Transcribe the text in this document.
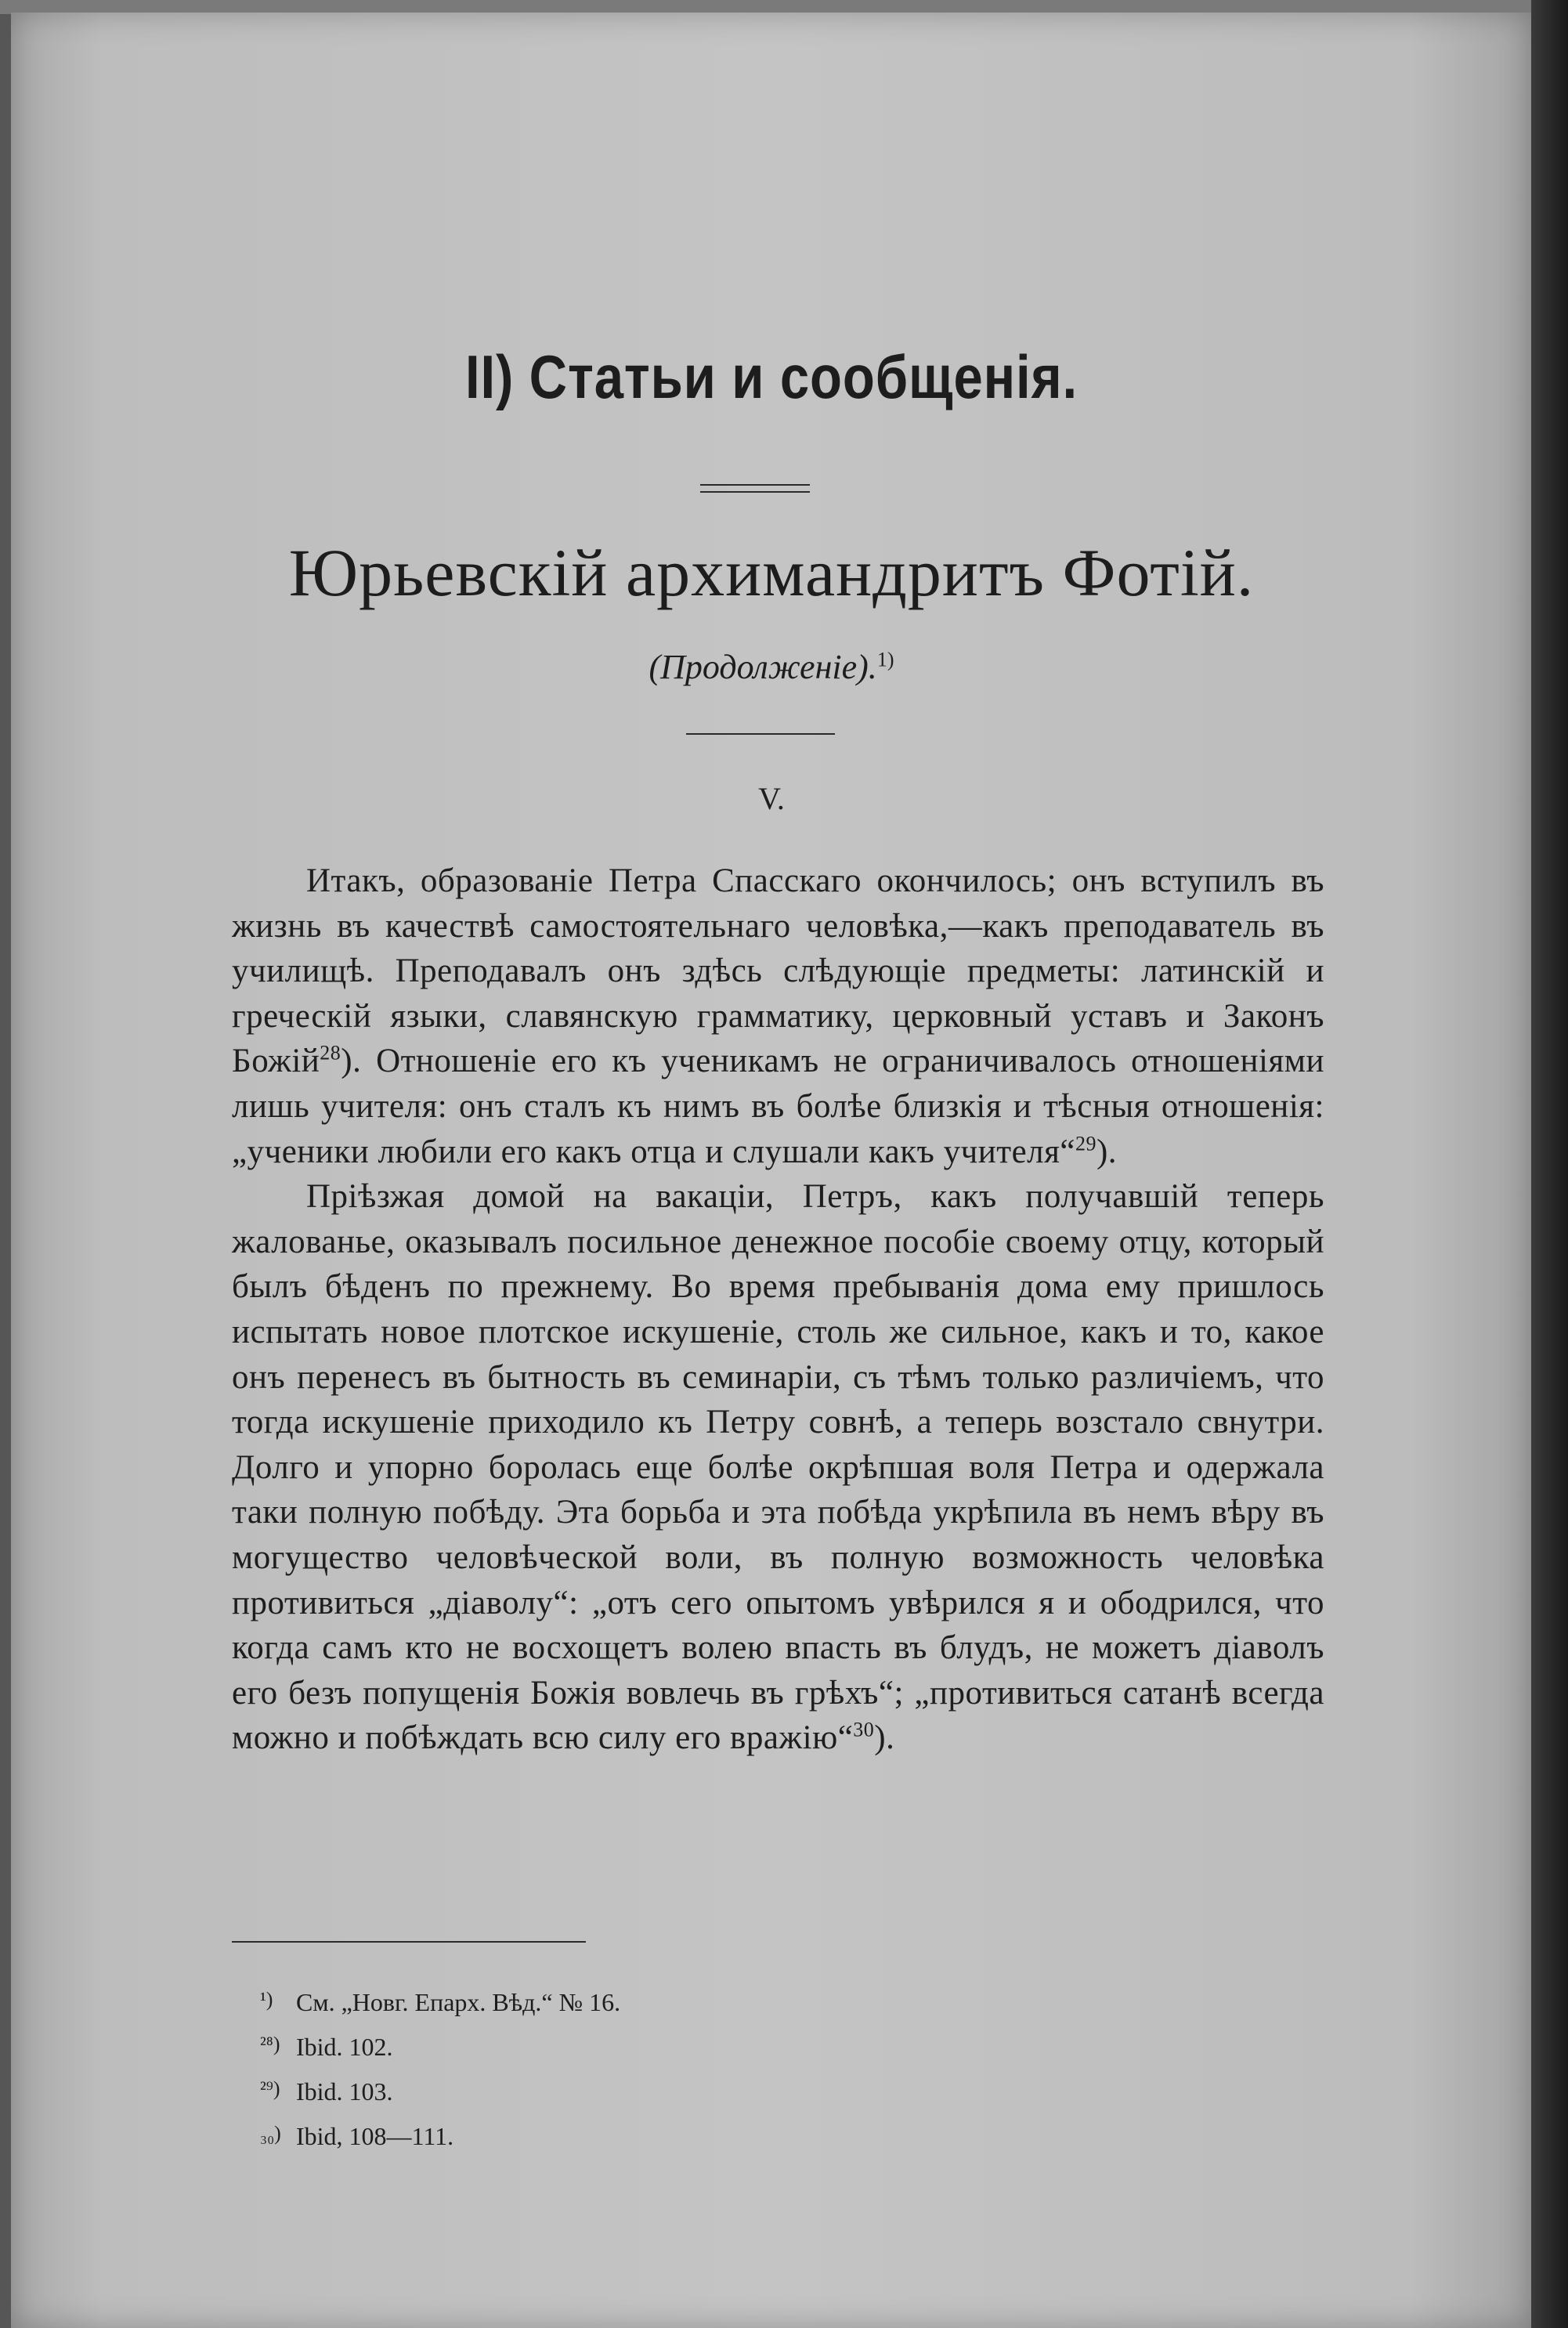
II) Статьи и сообщенія.
Юрьевскій архимандритъ Фотій.
(Продолженіе).$^{1)}$
V.

Итакъ, образованіе Петра Спасскаго окончилось; онъ вступилъ въ жизнь въ качествѣ самостоятельнаго человѣка,—какъ преподаватель въ училищѣ. Преподавалъ онъ здѣсь слѣдующіе предметы: латинскій и греческій языки, славянскую грамматику, церковный уставъ и Законъ Божій$^{28}$). Отношеніе его къ ученикамъ не ограничивалось отношеніями лишь учителя: онъ сталъ къ нимъ въ болѣе близкія и тѣсныя отношенія: „ученики любили его какъ отца и слушали какъ учителя“$^{29}$).

Пріѣзжая домой на вакаціи, Петръ, какъ получавшій теперь жалованье, оказывалъ посильное денежное пособіе своему отцу, который былъ бѣденъ по прежнему. Во время пребыванія дома ему пришлось испытать новое плотское искушеніе, столь же сильное, какъ и то, какое онъ перенесъ въ бытность въ семинаріи, съ тѣмъ только различіемъ, что тогда искушеніе приходило къ Петру совнѣ, а теперь возстало свнутри. Долго и упорно боролась еще болѣе окрѣпшая воля Петра и одержала таки полную побѣду. Эта борьба и эта побѣда укрѣпила въ немъ вѣру въ могущество человѣческой воли, въ полную возможность человѣка противиться „діаволу“: „отъ сего опытомъ увѣрился я и ободрился, что когда самъ кто не восхощетъ волею впасть въ блудъ, не можетъ діаволъ его безъ попущенія Божія вовлечь въ грѣхъ“; „противиться сатанѣ всегда можно и побѣждать всю силу его вражію“$^{30}$).

¹) См. „Новг. Епарх. Вѣд.“ № 16.
²⁸) Ibid. 102.
²⁹) Ibid. 103.
₃₀) Ibid, 108—111.
